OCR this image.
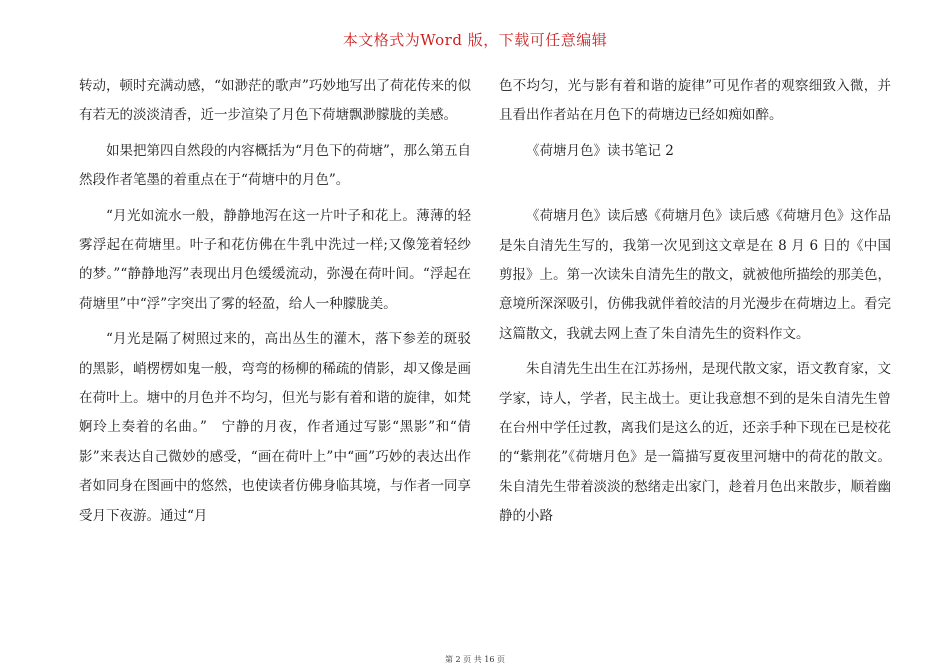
本文格式为Word 版，下载可任意编辑

转动，顿时充满动感，“如渺茫的歌声”巧妙地写出了荷花传来的似有若无的淡淡清香，近一步渲染了月色下荷塘飘渺朦胧的美感。

如果把第四自然段的内容概括为“月色下的荷塘”，那么第五自然段作者笔墨的着重点在于“荷塘中的月色”。

“月光如流水一般，静静地泻在这一片叶子和花上。薄薄的轻雾浮起在荷塘里。叶子和花仿佛在牛乳中洗过一样;又像笼着轻纱的梦。”“静静地泻”表现出月色缓缓流动，弥漫在荷叶间。“浮起在荷塘里”中“浮”字突出了雾的轻盈，给人一种朦胧美。

“月光是隔了树照过来的，高出丛生的灌木，落下参差的斑驳的黑影，峭楞楞如鬼一般，弯弯的杨柳的稀疏的倩影，却又像是画在荷叶上。塘中的月色并不均匀，但光与影有着和谐的旋律，如梵婀玲上奏着的名曲。”　宁静的月夜，作者通过写影“黑影”和“倩影”来表达自己微妙的感受，“画在荷叶上”中“画”巧妙的表达出作者如同身在图画中的悠然，也使读者仿佛身临其境，与作者一同享受月下夜游。通过“月

色不均匀，光与影有着和谐的旋律”可见作者的观察细致入微，并且看出作者站在月色下的荷塘边已经如痴如醉。

《荷塘月色》读书笔记 2

《荷塘月色》读后感《荷塘月色》读后感《荷塘月色》这作品是朱自清先生写的，我第一次见到这文章是在 8 月 6 日的《中国剪报》上。第一次读朱自清先生的散文，就被他所描绘的那美色，意境所深深吸引，仿佛我就伴着皎洁的月光漫步在荷塘边上。看完这篇散文，我就去网上查了朱自清先生的资料作文。

朱自清先生出生在江苏扬州，是现代散文家，语文教育家，文学家，诗人，学者，民主战士。更让我意想不到的是朱自清先生曾在台州中学任过教，离我们是这么的近，还亲手种下现在已是校花的“紫荆花”《荷塘月色》是一篇描写夏夜里河塘中的荷花的散文。朱自清先生带着淡淡的愁绪走出家门，趁着月色出来散步，顺着幽静的小路

第 2 页 共 16 页
